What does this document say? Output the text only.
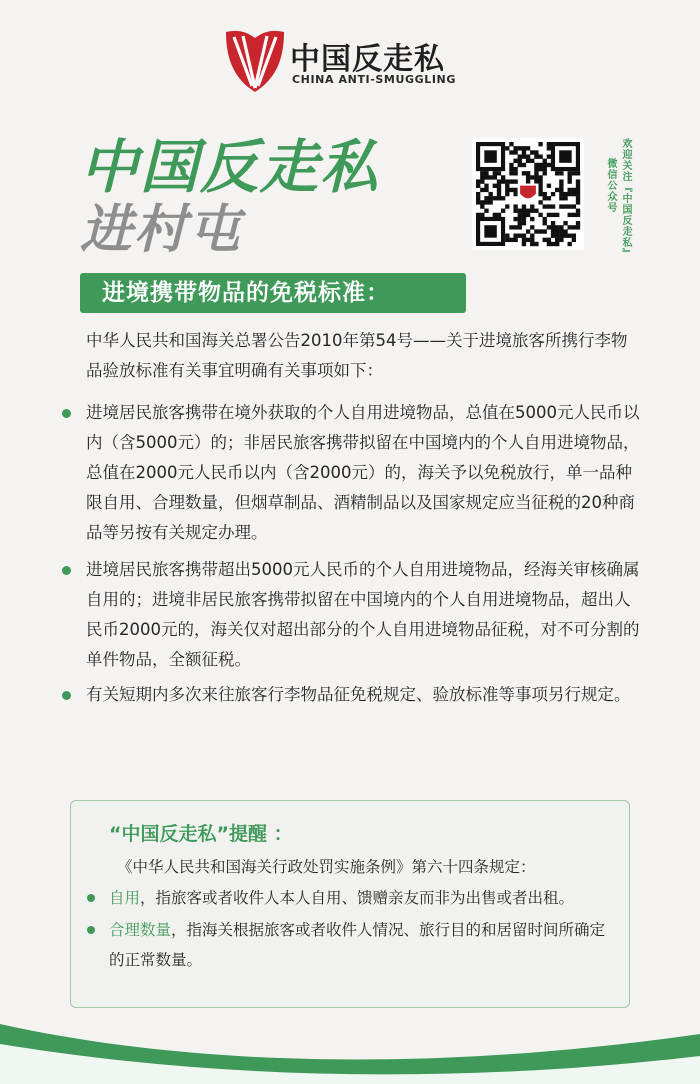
中国反走私
CHINA ANTI-SMUGGLING
中国反走私
进村屯	欢迎关注『中国反走私』
微信公众号
进境携带物品的免税标准：
中华人民共和国海关总署公告2010年第54号——关于进境旅客所携行李物品验放标准有关事宜明确有关事项如下：
进境居民旅客携带在境外获取的个人自用进境物品，总值在5000元人民币以内（含5000元）的；非居民旅客携带拟留在中国境内的个人自用进境物品，总值在2000元人民币以内（含2000元）的，海关予以免税放行，单一品种限自用、合理数量，但烟草制品、酒精制品以及国家规定应当征税的20种商品等另按有关规定办理。
进境居民旅客携带超出5000元人民币的个人自用进境物品，经海关审核确属自用的；进境非居民旅客携带拟留在中国境内的个人自用进境物品，超出人民币2000元的，海关仅对超出部分的个人自用进境物品征税，对不可分割的单件物品，全额征税。
有关短期内多次来往旅客行李物品征免税规定、验放标准等事项另行规定。
“中国反走私”提醒 ：
《中华人民共和国海关行政处罚实施条例》第六十四条规定：
自用，指旅客或者收件人本人自用、馈赠亲友而非为出售或者出租。
合理数量，指海关根据旅客或者收件人情况、旅行目的和居留时间所确定的正常数量。
